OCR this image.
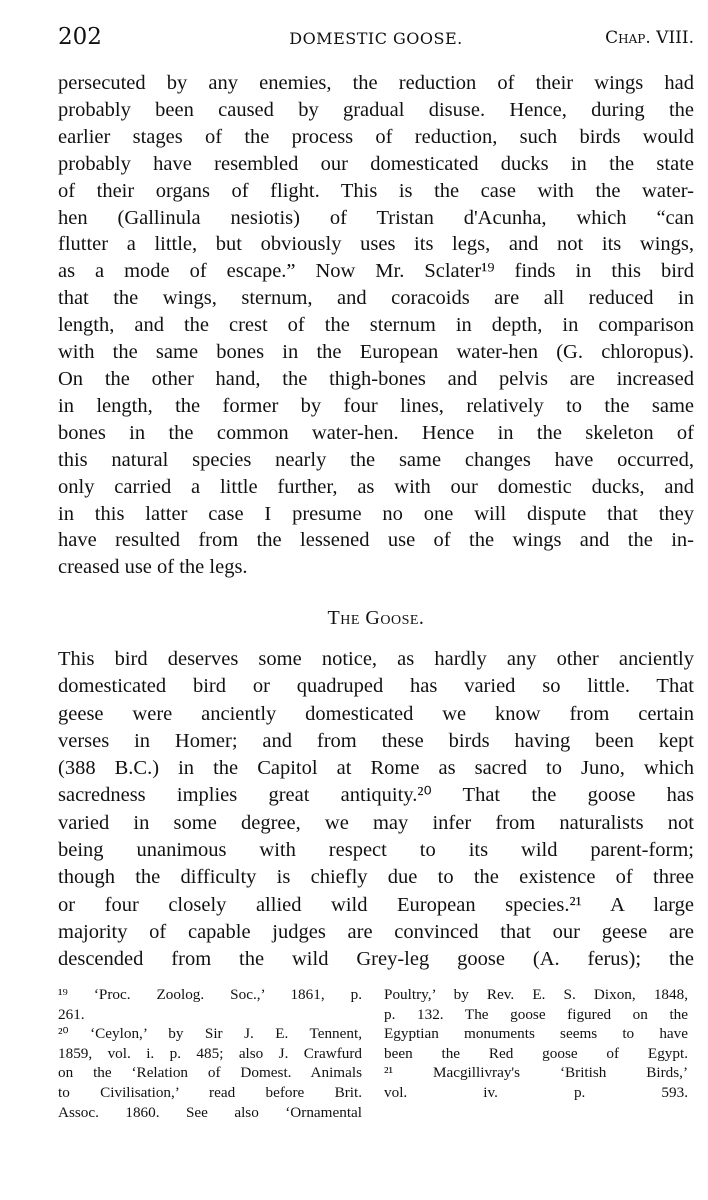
202	DOMESTIC GOOSE.	Chap. VIII.
persecuted by any enemies, the reduction of their wings had
probably been caused by gradual disuse. Hence, during the
earlier stages of the process of reduction, such birds would
probably have resembled our domesticated ducks in the state
of their organs of flight. This is the case with the water-
hen (Gallinula nesiotis) of Tristan d'Acunha, which “can
flutter a little, but obviously uses its legs, and not its wings,
as a mode of escape.” Now Mr. Sclater¹⁹ finds in this bird
that the wings, sternum, and coracoids are all reduced in
length, and the crest of the sternum in depth, in comparison
with the same bones in the European water-hen (G. chloropus).
On the other hand, the thigh-bones and pelvis are increased
in length, the former by four lines, relatively to the same
bones in the common water-hen. Hence in the skeleton of
this natural species nearly the same changes have occurred,
only carried a little further, as with our domestic ducks, and
in this latter case I presume no one will dispute that they
have resulted from the lessened use of the wings and the in-
creased use of the legs.
The Goose.
This bird deserves some notice, as hardly any other anciently
domesticated bird or quadruped has varied so little. That
geese were anciently domesticated we know from certain
verses in Homer; and from these birds having been kept
(388 B.C.) in the Capitol at Rome as sacred to Juno, which
sacredness implies great antiquity.²⁰ That the goose has
varied in some degree, we may infer from naturalists not
being unanimous with respect to its wild parent-form;
though the difficulty is chiefly due to the existence of three
or four closely allied wild European species.²¹ A large
majority of capable judges are convinced that our geese are
descended from the wild Grey-leg goose (A. ferus); the
¹⁹ ‘Proc. Zoolog. Soc.,’ 1861, p.
261.
²⁰ ‘Ceylon,’ by Sir J. E. Tennent,
1859, vol. i. p. 485; also J. Crawfurd
on the ‘Relation of Domest. Animals
to Civilisation,’ read before Brit.
Assoc. 1860. See also ‘Ornamental
Poultry,’ by Rev. E. S. Dixon, 1848,
p. 132. The goose figured on the
Egyptian monuments seems to have
been the Red goose of Egypt.
²¹ Macgillivray's ‘British Birds,’
vol. iv. p. 593.
